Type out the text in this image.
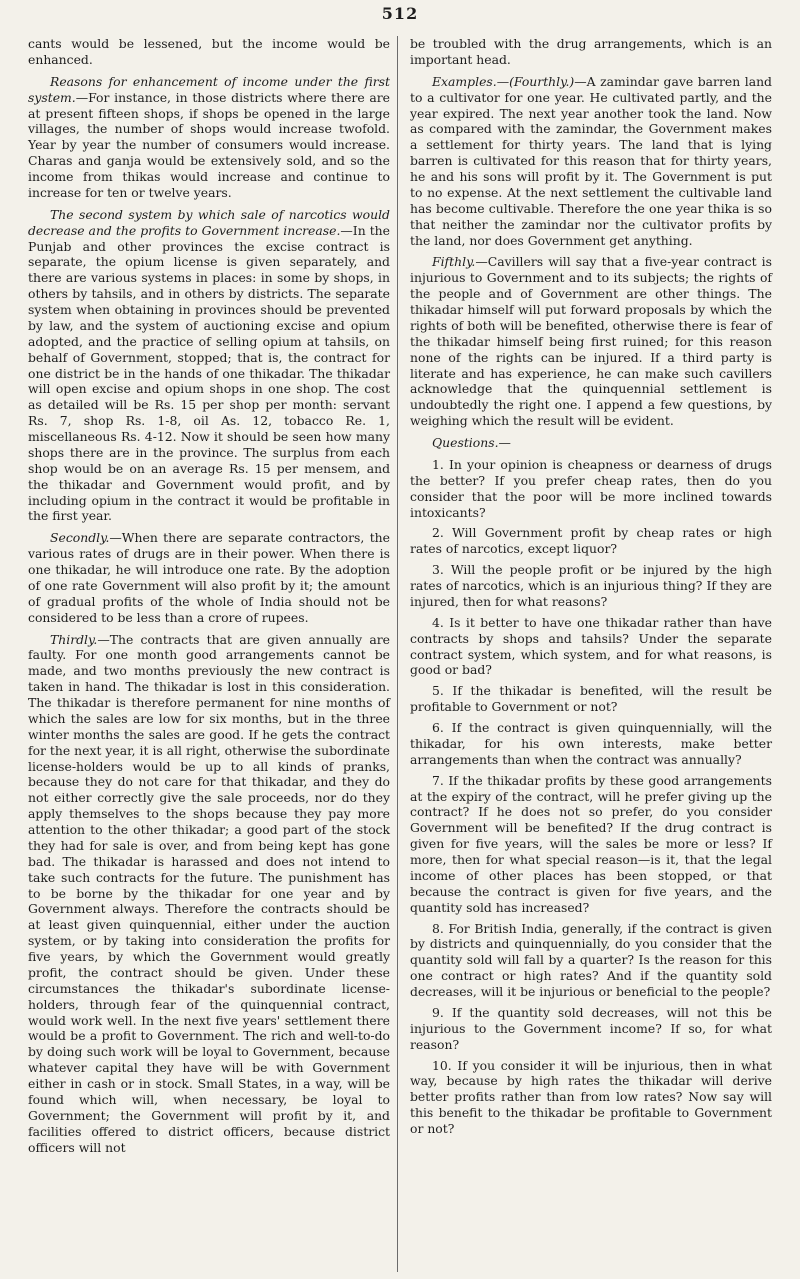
512

cants would be lessened, but the income would be enhanced.

Reasons for enhancement of income under the first system.—For instance, in those districts where there are at present fifteen shops, if shops be opened in the large villages, the number of shops would increase twofold. Year by year the number of consumers would increase. Charas and ganja would be extensively sold, and so the income from thikas would increase and continue to increase for ten or twelve years.

The second system by which sale of narcotics would decrease and the profits to Government increase.—In the Punjab and other provinces the excise contract is separate, the opium license is given separately, and there are various systems in places: in some by shops, in others by tahsils, and in others by districts. The separate system when obtaining in provinces should be prevented by law, and the system of auctioning excise and opium adopted, and the practice of selling opium at tahsils, on behalf of Government, stopped; that is, the contract for one district be in the hands of one thikadar. The thikadar will open excise and opium shops in one shop. The cost as detailed will be Rs. 15 per shop per month: servant Rs. 7, shop Rs. 1-8, oil As. 12, tobacco Re. 1, miscellaneous Rs. 4-12. Now it should be seen how many shops there are in the province. The surplus from each shop would be on an average Rs. 15 per mensem, and the thikadar and Government would profit, and by including opium in the contract it would be profitable in the first year.

Secondly.—When there are separate contractors, the various rates of drugs are in their power. When there is one thikadar, he will introduce one rate. By the adoption of one rate Government will also profit by it; the amount of gradual profits of the whole of India should not be considered to be less than a crore of rupees.

Thirdly.—The contracts that are given annually are faulty. For one month good arrangements cannot be made, and two months previously the new contract is taken in hand. The thikadar is lost in this consideration. The thikadar is therefore permanent for nine months of which the sales are low for six months, but in the three winter months the sales are good. If he gets the contract for the next year, it is all right, otherwise the subordinate license-holders would be up to all kinds of pranks, because they do not care for that thikadar, and they do not either correctly give the sale proceeds, nor do they apply themselves to the shops because they pay more attention to the other thikadar; a good part of the stock they had for sale is over, and from being kept has gone bad. The thikadar is harassed and does not intend to take such contracts for the future. The punishment has to be borne by the thikadar for one year and by Government always. Therefore the contracts should be at least given quinquennial, either under the auction system, or by taking into consideration the profits for five years, by which the Government would greatly profit, the contract should be given. Under these circumstances the thikadar's subordinate license-holders, through fear of the quinquennial contract, would work well. In the next five years' settlement there would be a profit to Government. The rich and well-to-do by doing such work will be loyal to Government, because whatever capital they have will be with Government either in cash or in stock. Small States, in a way, will be found which will, when necessary, be loyal to Government; the Government will profit by it, and facilities offered to district officers, because district officers will not

be troubled with the drug arrangements, which is an important head.

Examples.—(Fourthly.)—A zamindar gave barren land to a cultivator for one year. He cultivated partly, and the year expired. The next year another took the land. Now as compared with the zamindar, the Government makes a settlement for thirty years. The land that is lying barren is cultivated for this reason that for thirty years, he and his sons will profit by it. The Government is put to no expense. At the next settlement the cultivable land has become cultivable. Therefore the one year thika is so that neither the zamindar nor the cultivator profits by the land, nor does Government get anything.

Fifthly.—Cavillers will say that a five-year contract is injurious to Government and to its subjects; the rights of the people and of Government are other things. The thikadar himself will put forward proposals by which the rights of both will be benefited, otherwise there is fear of the thikadar himself being first ruined; for this reason none of the rights can be injured. If a third party is literate and has experience, he can make such cavillers acknowledge that the quinquennial settlement is undoubtedly the right one. I append a few questions, by weighing which the result will be evident.

Questions.—

1. In your opinion is cheapness or dearness of drugs the better? If you prefer cheap rates, then do you consider that the poor will be more inclined towards intoxicants?

2. Will Government profit by cheap rates or high rates of narcotics, except liquor?

3. Will the people profit or be injured by the high rates of narcotics, which is an injurious thing? If they are injured, then for what reasons?

4. Is it better to have one thikadar rather than have contracts by shops and tahsils? Under the separate contract system, which system, and for what reasons, is good or bad?

5. If the thikadar is benefited, will the result be profitable to Government or not?

6. If the contract is given quinquennially, will the thikadar, for his own interests, make better arrangements than when the contract was annually?

7. If the thikadar profits by these good arrangements at the expiry of the contract, will he prefer giving up the contract? If he does not so prefer, do you consider Government will be benefited? If the drug contract is given for five years, will the sales be more or less? If more, then for what special reason—is it, that the legal income of other places has been stopped, or that because the contract is given for five years, and the quantity sold has increased?

8. For British India, generally, if the contract is given by districts and quinquennially, do you consider that the quantity sold will fall by a quarter? Is the reason for this one contract or high rates? And if the quantity sold decreases, will it be injurious or beneficial to the people?

9. If the quantity sold decreases, will not this be injurious to the Government income? If so, for what reason?

10. If you consider it will be injurious, then in what way, because by high rates the thikadar will derive better profits rather than from low rates? Now say will this benefit to the thikadar be profitable to Government or not?
